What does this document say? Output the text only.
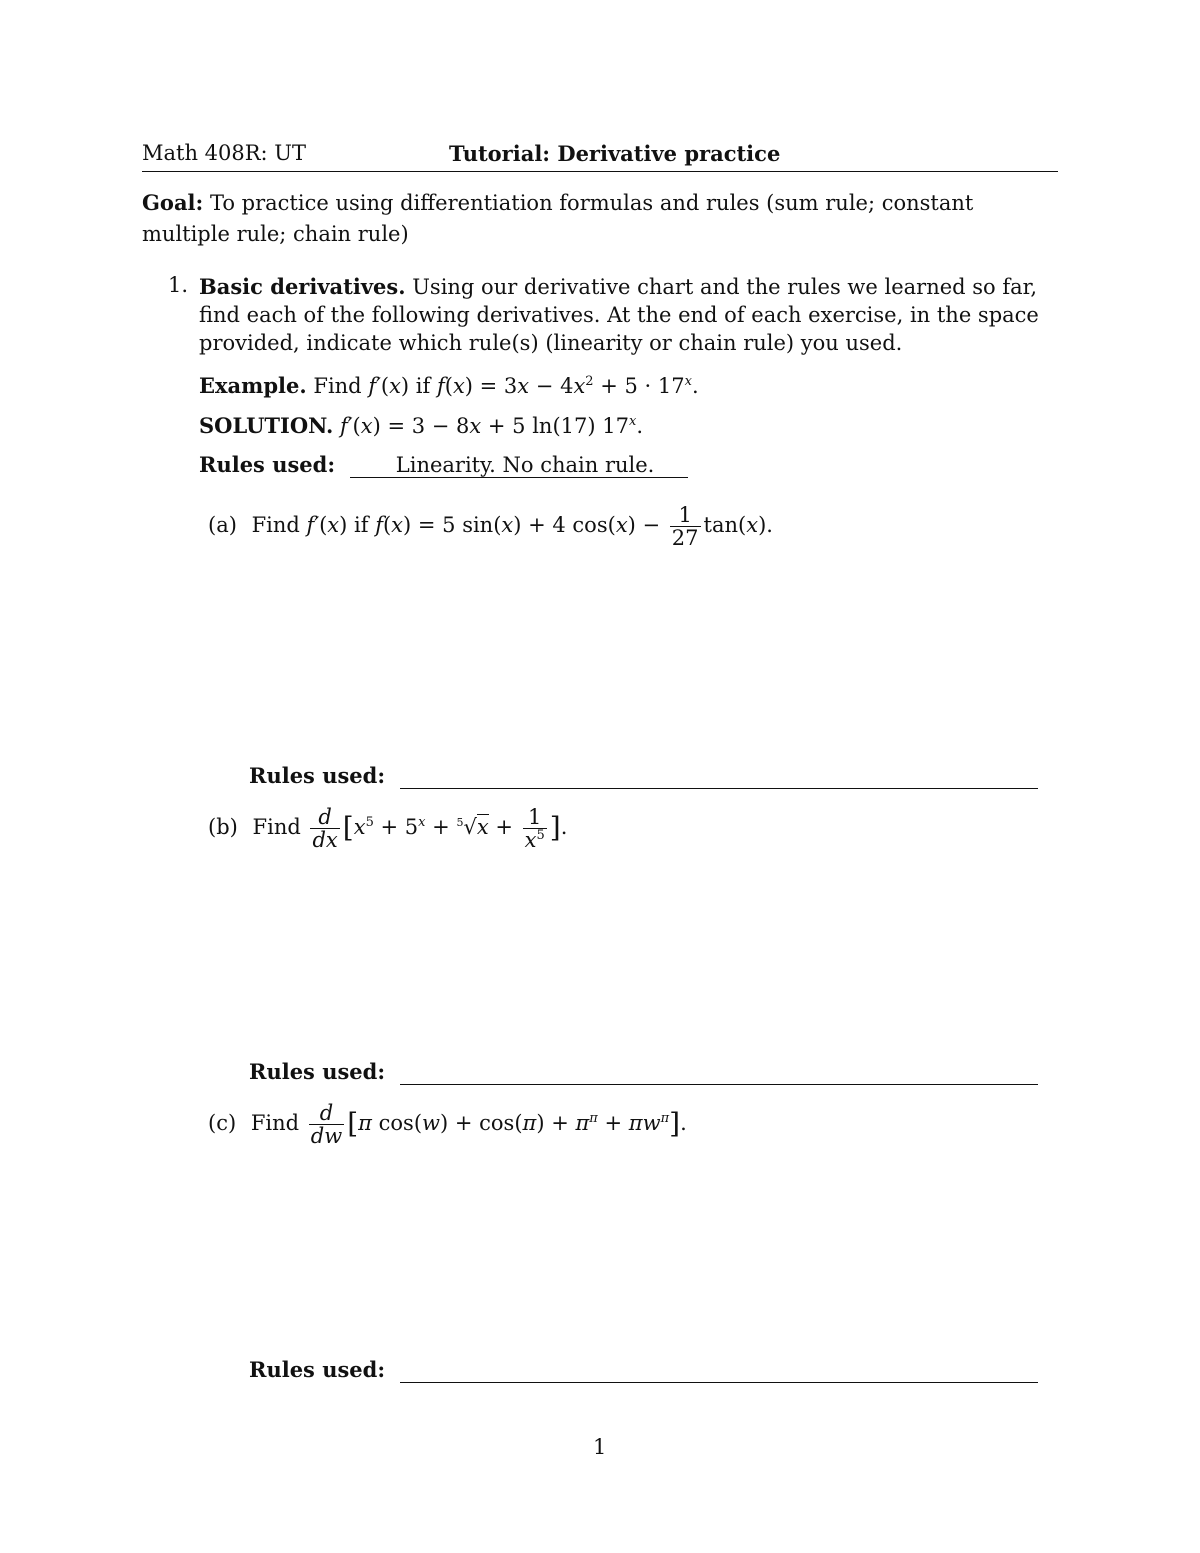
Math 408R: UT	Tutorial: Derivative practice
Goal: To practice using differentiation formulas and rules (sum rule; constant multiple rule; chain rule)
1. Basic derivatives. Using our derivative chart and the rules we learned so far, find each of the following derivatives. At the end of each exercise, in the space provided, indicate which rule(s) (linearity or chain rule) you used.
Example. Find f′(x) if $f(x) = 3x - 4x^2 + 5 \cdot 17^x$.
SOLUTION. f′(x) = 3 − 8x + 5 ln(17) 17$^x$.
Rules used:	Linearity. No chain rule.
(a) Find f′(x) if f(x) = 5 sin(x) + 4 $\cos(x) - \frac{1}{27} \tan(x)$.
Rules used:
(b) Find $\frac{d}{dx} [x^5 + 5^x + ^5√x + \frac{1}{x^5}$ ].
Rules used:
(c) Find $\frac{d}{dw} [\pi$ $\cos(w) + \cos(\pi) + \pi^\pi + \pi w^\pi$].
Rules used:
1
